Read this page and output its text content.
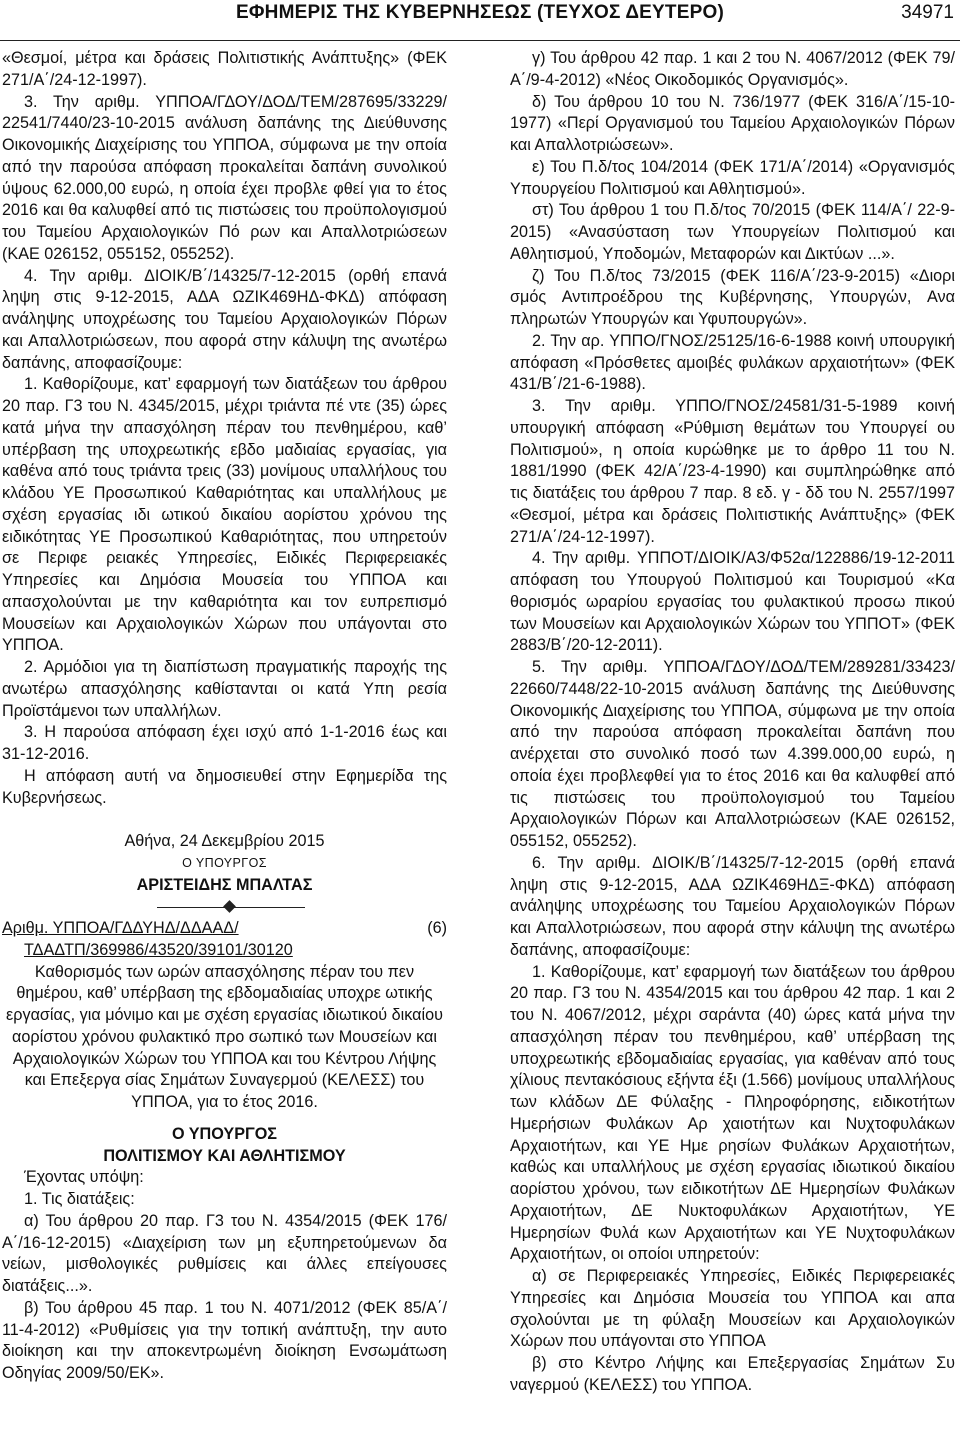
ΕΦΗΜΕΡΙΣ ΤΗΣ ΚΥΒΕΡΝΗΣΕΩΣ (ΤΕΥΧΟΣ ΔΕΥΤΕΡΟ)	34971

«Θεσμοί, μέτρα και δράσεις Πολιτιστικής Ανάπτυξης» (ΦΕΚ 271/Α΄/24-12-1997).

3. Την αριθμ. ΥΠΠΟΑ/ΓΔΟΥ/ΔΟΔ/ΤΕΜ/287695/33229/ 22541/7440/23-10-2015 ανάλυση δαπάνης της Διεύθυνσης Οικονομικής Διαχείρισης του ΥΠΠΟΑ, σύμφωνα με την οποία από την παρούσα απόφαση προκαλείται δαπάνη συνολικού ύψους 62.000,00 ευρώ, η οποία έχει προβλε φθεί για το έτος 2016 και θα καλυφθεί από τις πιστώσεις του προϋπολογισμού του Ταμείου Αρχαιολογικών Πό ρων και Απαλλοτριώσεων (ΚΑΕ 026152, 055152, 055252).

4. Την αριθμ. ΔΙΟΙΚ/Β΄/14325/7-12-2015 (ορθή επανά ληψη στις 9-12-2015, ΑΔΑ ΩΖΙΚ469ΗΔ-ΦΚΔ) απόφαση ανάληψης υποχρέωσης του Ταμείου Αρχαιολογικών Πόρων και Απαλλοτριώσεων, που αφορά στην κάλυψη της ανωτέρω δαπάνης, αποφασίζουμε:

1. Καθορίζουμε, κατ’ εφαρμογή των διατάξεων του άρθρου 20 παρ. Γ3 του Ν. 4345/2015, μέχρι τριάντα πέ ντε (35) ώρες κατά μήνα την απασχόληση πέραν του πενθημέρου, καθ’ υπέρβαση της υποχρεωτικής εβδο μαδιαίας εργασίας, για καθένα από τους τριάντα τρεις (33) μονίμους υπαλλήλους του κλάδου ΥΕ Προσωπικού Καθαριότητας και υπαλλήλους με σχέση εργασίας ιδι ωτικού δικαίου αορίστου χρόνου της ειδικότητας ΥΕ Προσωπικού Καθαριότητας, που υπηρετούν σε Περιφε ρειακές Υπηρεσίες, Ειδικές Περιφερειακές Υπηρεσίες και Δημόσια Μουσεία του ΥΠΠΟΑ και απασχολούνται με την καθαριότητα και τον ευπρεπισμό Μουσείων και Αρχαιολογικών Χώρων που υπάγονται στο ΥΠΠΟΑ.

2. Αρμόδιοι για τη διαπίστωση πραγματικής παροχής της ανωτέρω απασχόλησης καθίστανται οι κατά Υπη ρεσία Προϊστάμενοι των υπαλλήλων.

3. Η παρούσα απόφαση έχει ισχύ από 1-1-2016 έως και 31-12-2016.

Η απόφαση αυτή να δημοσιευθεί στην Εφημερίδα της Κυβερνήσεως.

Αθήνα, 24 Δεκεμβρίου 2015

Ο ΥΠΟΥΡΓΟΣ

ΑΡΙΣΤΕΙΔΗΣ ΜΠΑΛΤΑΣ

Αριθμ. ΥΠΠΟΑ/ΓΔΔΥΗΔ/ΔΔΑΑΔ/	(6)

ΤΔΑΔΤΠ/369986/43520/39101/30120

Καθορισμός των ωρών απασχόλησης πέραν του πεν θημέρου, καθ’ υπέρβαση της εβδομαδιαίας υποχρε ωτικής εργασίας, για μόνιμο και με σχέση εργασίας ιδιωτικού δικαίου αορίστου χρόνου φυλακτικό προ σωπικό των Μουσείων και Αρχαιολογικών Χώρων του ΥΠΠΟΑ και του Κέντρου Λήψης και Επεξεργα σίας Σημάτων Συναγερμού (ΚΕΛΕΣΣ) του ΥΠΠΟΑ, για το έτος 2016.

Ο ΥΠΟΥΡΓΟΣ

ΠΟΛΙΤΙΣΜΟΥ ΚΑΙ ΑΘΛΗΤΙΣΜΟΥ

Έχοντας υπόψη:

1. Τις διατάξεις:

α) Του άρθρου 20 παρ. Γ3 του Ν. 4354/2015 (ΦΕΚ 176/ Α΄/16-12-2015) «Διαχείριση των μη εξυπηρετούμενων δα νείων, μισθολογικές ρυθμίσεις και άλλες επείγουσες διατάξεις...».

β) Του άρθρου 45 παρ. 1 του Ν. 4071/2012 (ΦΕΚ 85/Α΄/ 11-4-2012) «Ρυθμίσεις για την τοπική ανάπτυξη, την αυτο διοίκηση και την αποκεντρωμένη διοίκηση Ενσωμάτωση Οδηγίας 2009/50/ΕΚ».

γ) Του άρθρου 42 παρ. 1 και 2 του Ν. 4067/2012 (ΦΕΚ 79/Α΄/9-4-2012) «Νέος Οικοδομικός Οργανισμός».

δ) Του άρθρου 10 του Ν. 736/1977 (ΦΕΚ 316/Α΄/15-10-1977) «Περί Οργανισμού του Ταμείου Αρχαιολογικών Πόρων και Απαλλοτριώσεων».

ε) Του Π.δ/τος 104/2014 (ΦΕΚ 171/Α΄/2014) «Οργανισμός Υπουργείου Πολιτισμού και Αθλητισμού».

στ) Του άρθρου 1 του Π.δ/τος 70/2015 (ΦΕΚ 114/Α΄/ 22-9-2015) «Ανασύσταση των Υπουργείων Πολιτισμού και Αθλητισμού, Υποδομών, Μεταφορών και Δικτύων ...».

ζ) Του Π.δ/τος 73/2015 (ΦΕΚ 116/Α΄/23-9-2015) «Διορι σμός Αντιπροέδρου της Κυβέρνησης, Υπουργών, Ανα πληρωτών Υπουργών και Υφυπουργών».

2. Την αρ. ΥΠΠΟ/ΓΝΟΣ/25125/16-6-1988 κοινή υπουργική απόφαση «Πρόσθετες αμοιβές φυλάκων αρχαιοτήτων» (ΦΕΚ 431/Β΄/21-6-1988).

3. Την αριθμ. ΥΠΠΟ/ΓΝΟΣ/24581/31-5-1989 κοινή υπουργική απόφαση «Ρύθμιση θεμάτων του Υπουργεί ου Πολιτισμού», η οποία κυρώθηκε με το άρθρο 11 του Ν. 1881/1990 (ΦΕΚ 42/Α΄/23-4-1990) και συμπληρώθηκε από τις διατάξεις του άρθρου 7 παρ. 8 εδ. γ - δδ του Ν. 2557/1997 «Θεσμοί, μέτρα και δράσεις Πολιτιστικής Ανάπτυξης» (ΦΕΚ 271/Α΄/24-12-1997).

4. Την αριθμ. ΥΠΠΟΤ/ΔΙΟΙΚ/Α3/Φ52α/122886/19-12-2011 απόφαση του Υπουργού Πολιτισμού και Τουρισμού «Κα θορισμός ωραρίου εργασίας του φυλακτικού προσω πικού των Μουσείων και Αρχαιολογικών Χώρων του ΥΠΠΟΤ» (ΦΕΚ 2883/Β΄/20-12-2011).

5. Την αριθμ. ΥΠΠΟΑ/ΓΔΟΥ/ΔΟΔ/ΤΕΜ/289281/33423/ 22660/7448/22-10-2015 ανάλυση δαπάνης της Διεύθυνσης Οικονομικής Διαχείρισης του ΥΠΠΟΑ, σύμφωνα με την οποία από την παρούσα απόφαση προκαλείται δαπάνη που ανέρχεται στο συνολικό ποσό των 4.399.000,00 ευρώ, η οποία έχει προβλεφθεί για το έτος 2016 και θα καλυφθεί από τις πιστώσεις του προϋπολογισμού του Ταμείου Αρχαιολογικών Πόρων και Απαλλοτριώσεων (ΚΑΕ 026152, 055152, 055252).

6. Την αριθμ. ΔΙΟΙΚ/Β΄/14325/7-12-2015 (ορθή επανά ληψη στις 9-12-2015, ΑΔΑ ΩΖΙΚ469ΗΔΞ-ΦΚΔ) απόφαση ανάληψης υποχρέωσης του Ταμείου Αρχαιολογικών Πόρων και Απαλλοτριώσεων, που αφορά στην κάλυψη της ανωτέρω δαπάνης, αποφασίζουμε:

1. Καθορίζουμε, κατ’ εφαρμογή των διατάξεων του άρθρου 20 παρ. Γ3 του Ν. 4354/2015 και του άρθρου 42 παρ. 1 και 2 του Ν. 4067/2012, μέχρι σαράντα (40) ώρες κατά μήνα την απασχόληση πέραν του πενθημέρου, καθ’ υπέρβαση της υποχρεωτικής εβδομαδιαίας εργασίας, για καθέναν από τους χίλιους πεντακόσιους εξήντα έξι (1.566) μονίμους υπαλλήλους των κλάδων ΔΕ Φύλαξης - Πληροφόρησης, ειδικοτήτων Ημερήσιων Φυλάκων Αρ χαιοτήτων και Νυχτοφυλάκων Αρχαιοτήτων, και ΥΕ Ημε ρησίων Φυλάκων Αρχαιοτήτων, καθώς και υπαλλήλους με σχέση εργασίας ιδιωτικού δικαίου αορίστου χρόνου, των ειδικοτήτων ΔΕ Ημερησίων Φυλάκων Αρχαιοτήτων, ΔΕ Νυκτοφυλάκων Αρχαιοτήτων, ΥΕ Ημερησίων Φυλά κων Αρχαιοτήτων και ΥΕ Νυχτοφυλάκων Αρχαιοτήτων, οι οποίοι υπηρετούν:

α) σε Περιφερειακές Υπηρεσίες, Ειδικές Περιφερειακές Υπηρεσίες και Δημόσια Μουσεία του ΥΠΠΟΑ και απα σχολούνται με τη φύλαξη Μουσείων και Αρχαιολογικών Χώρων που υπάγονται στο ΥΠΠΟΑ

β) στο Κέντρο Λήψης και Επεξεργασίας Σημάτων Συ ναγερμού (ΚΕΛΕΣΣ) του ΥΠΠΟΑ.
